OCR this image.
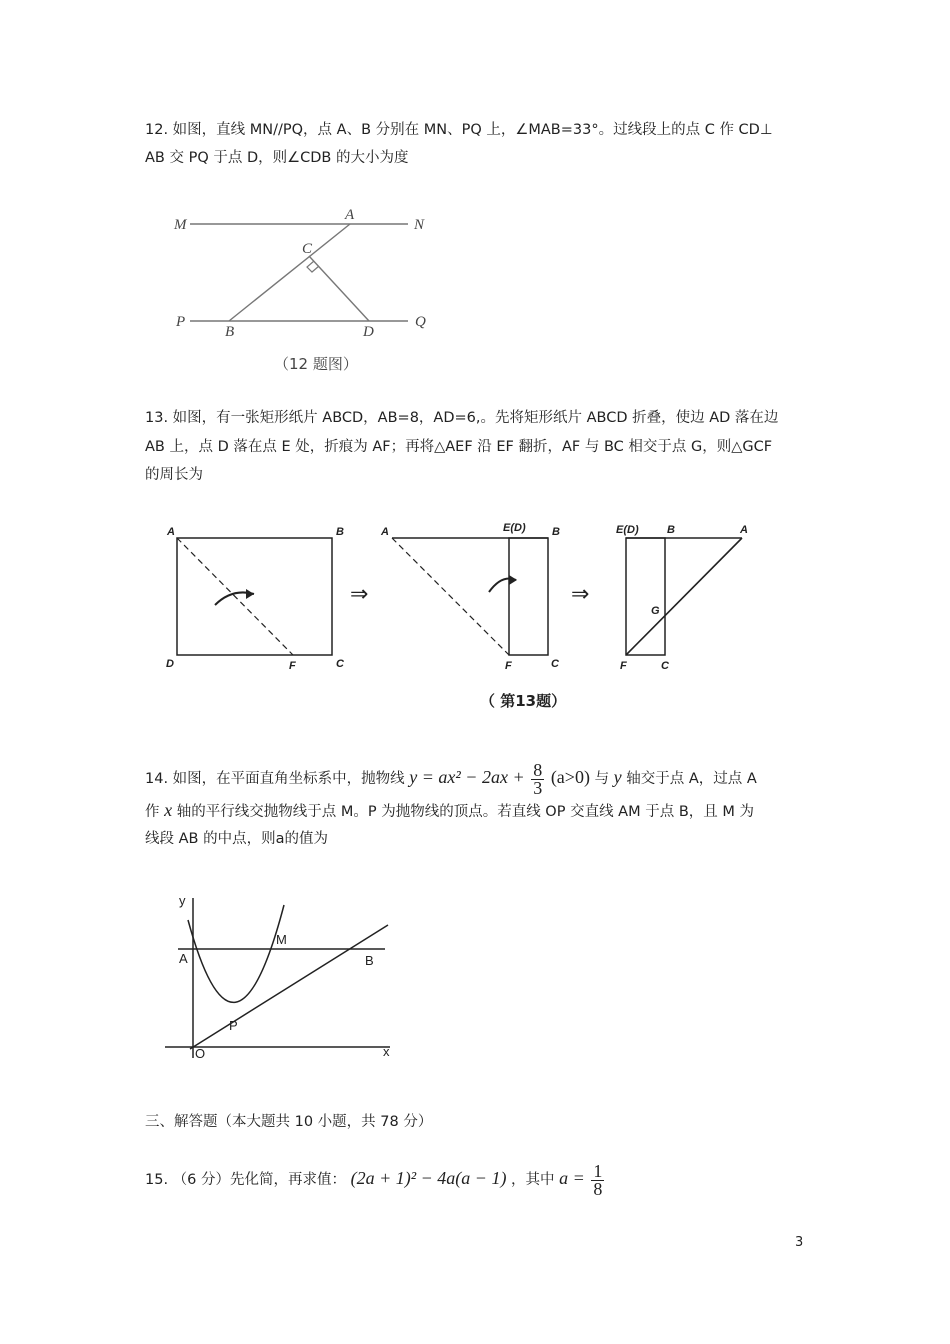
12. 如图，直线 MN//PQ，点 A、B 分别在 MN、PQ 上，∠MAB=33°。过线段上的点 C 作 CD⊥
AB 交 PQ 于点 D，则∠CDB 的大小为度
M
A
N
C
P
B	D
Q
（12 题图）
13. 如图，有一张矩形纸片 ABCD，AB=8，AD=6,。先将矩形纸片 ABCD 折叠，使边 AD 落在边
AB 上，点 D 落在点 E 处，折痕为 AF；再将△AEF 沿 EF 翻折，AF 与 BC 相交于点 G，则△GCF
的周长为
A	B
C
D	F
⇒
A	E(D) B
F	C
⇒
E(D)	B	A
G
F	C
（ 第13题）
14. 如图，在平面直角坐标系中，抛物线 $y = ax^2 - 2ax + \frac{8}{3} (a>0)$ 与 y 轴交于点 A，过点 A
作 x 轴的平行线交抛物线于点 M。P 为抛物线的顶点。若直线 OP 交直线 AM 于点 B，且 M 为
线段 AB 的中点，则a的值为
y
x
A
M
B
P
O
三、解答题（本大题共 10 小题，共 78 分）
15. （6 分）先化简，再求值： (2a + 1)² − 4a(a − 1) ，其中 $a = \frac{1}{8}$
3
